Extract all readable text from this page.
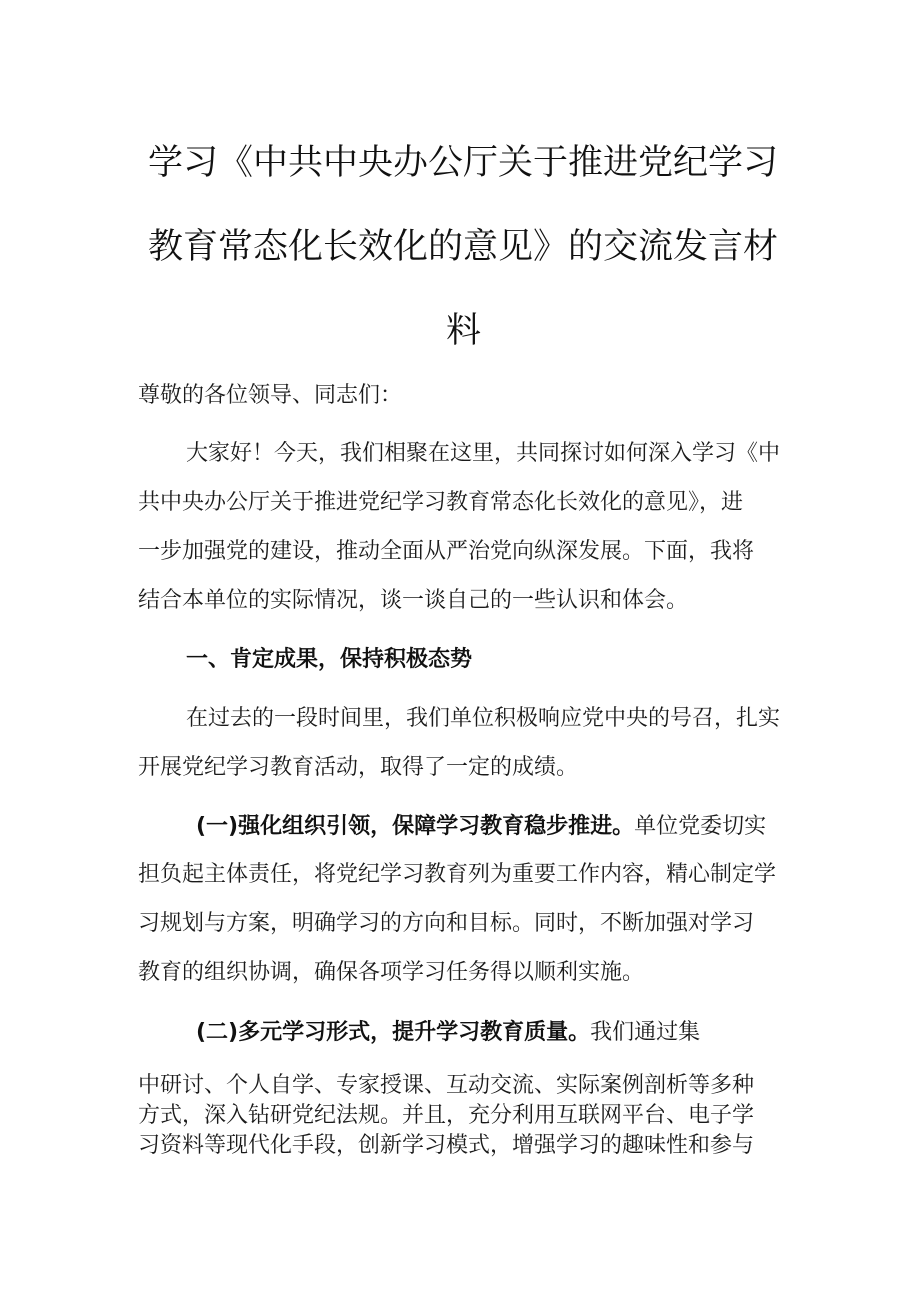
学习《中共中央办公厅关于推进党纪学习
教育常态化长效化的意见》的交流发言材
料
尊敬的各位领导、同志们：
大家好！今天，我们相聚在这里，共同探讨如何深入学习《中
共中央办公厅关于推进党纪学习教育常态化长效化的意见》，进
一步加强党的建设，推动全面从严治党向纵深发展。下面，我将
结合本单位的实际情况，谈一谈自己的一些认识和体会。
一、肯定成果，保持积极态势
在过去的一段时间里，我们单位积极响应党中央的号召，扎实
开展党纪学习教育活动，取得了一定的成绩。
(一)强化组织引领，保障学习教育稳步推进。单位党委切实
担负起主体责任，将党纪学习教育列为重要工作内容，精心制定学
习规划与方案，明确学习的方向和目标。同时，不断加强对学习
教育的组织协调，确保各项学习任务得以顺利实施。
(二)多元学习形式，提升学习教育质量。我们通过集
中研讨、个人自学、专家授课、互动交流、实际案例剖析等多种
方式，深入钻研党纪法规。并且，充分利用互联网平台、电子学
习资料等现代化手段，创新学习模式，增强学习的趣味性和参与
